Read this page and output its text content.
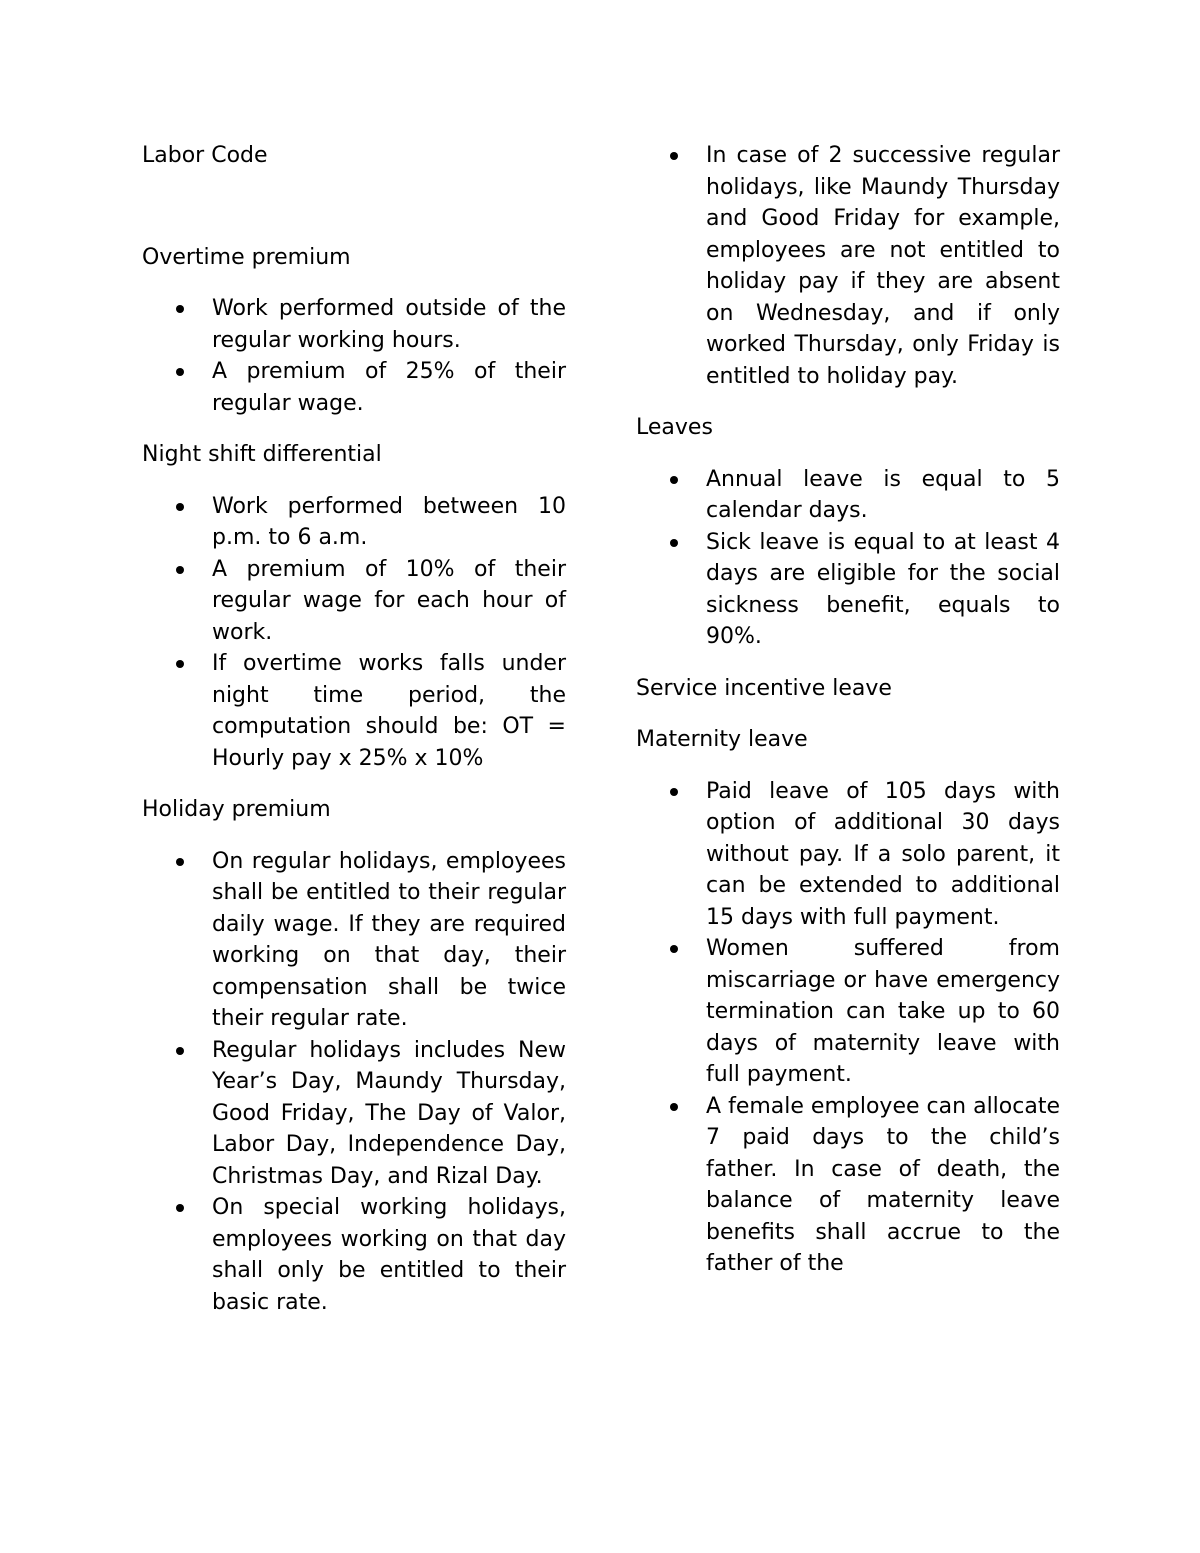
Labor Code
Overtime premium
Work performed outside of the regular working hours.
A premium of 25% of their regular wage.
Night shift differential
Work performed between 10 p.m. to 6 a.m.
A premium of 10% of their regular wage for each hour of work.
If overtime works falls under night time period, the computation should be: OT = Hourly pay x 25% x 10%
Holiday premium
On regular holidays, employees shall be entitled to their regular daily wage. If they are required working on that day, their compensation shall be twice their regular rate.
Regular holidays includes New Year’s Day, Maundy Thursday, Good Friday, The Day of Valor, Labor Day, Independence Day, Christmas Day, and Rizal Day.
On special working holidays, employees working on that day shall only be entitled to their basic rate.
In case of 2 successive regular holidays, like Maundy Thursday and Good Friday for example, employees are not entitled to holiday pay if they are absent on Wednesday, and if only worked Thursday, only Friday is entitled to holiday pay.
Leaves
Annual leave is equal to 5 calendar days.
Sick leave is equal to at least 4 days are eligible for the social sickness benefit, equals to 90%.
Service incentive leave
Maternity leave
Paid leave of 105 days with option of additional 30 days without pay. If a solo parent, it can be extended to additional 15 days with full payment.
Women suffered from miscarriage or have emergency termination can take up to 60 days of maternity leave with full payment.
A female employee can allocate 7 paid days to the child’s father. In case of death, the balance of maternity leave benefits shall accrue to the father of the
